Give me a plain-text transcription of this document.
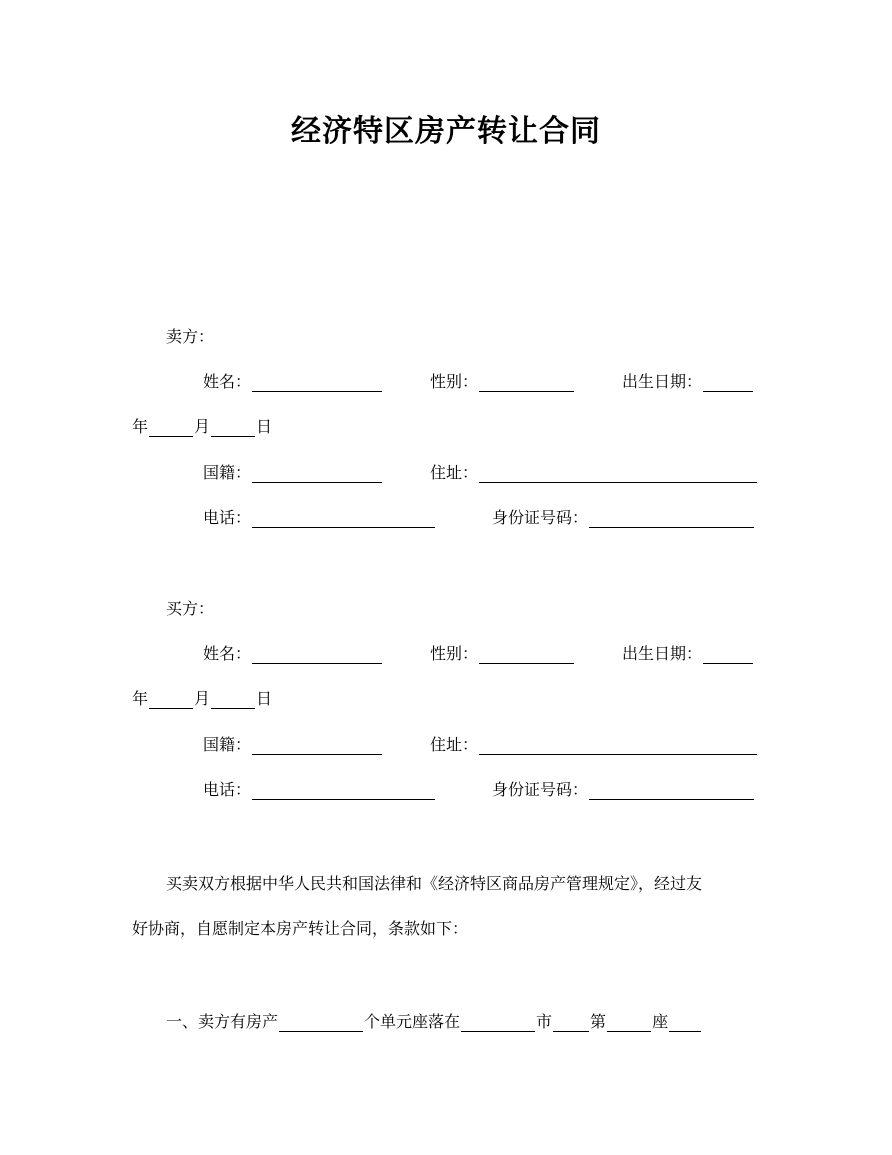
经济特区房产转让合同
卖方：
姓名：	性别：	出生日期：
年	月	日
国籍：	住址：
电话：	身份证号码：
买方：
姓名：	性别：	出生日期：
年	月	日
国籍：	住址：
电话：	身份证号码：
买卖双方根据中华人民共和国法律和《经济特区商品房产管理规定》，经过友
好协商，自愿制定本房产转让合同，条款如下：
一、卖方有房产	个单元座落在	市 第	座
